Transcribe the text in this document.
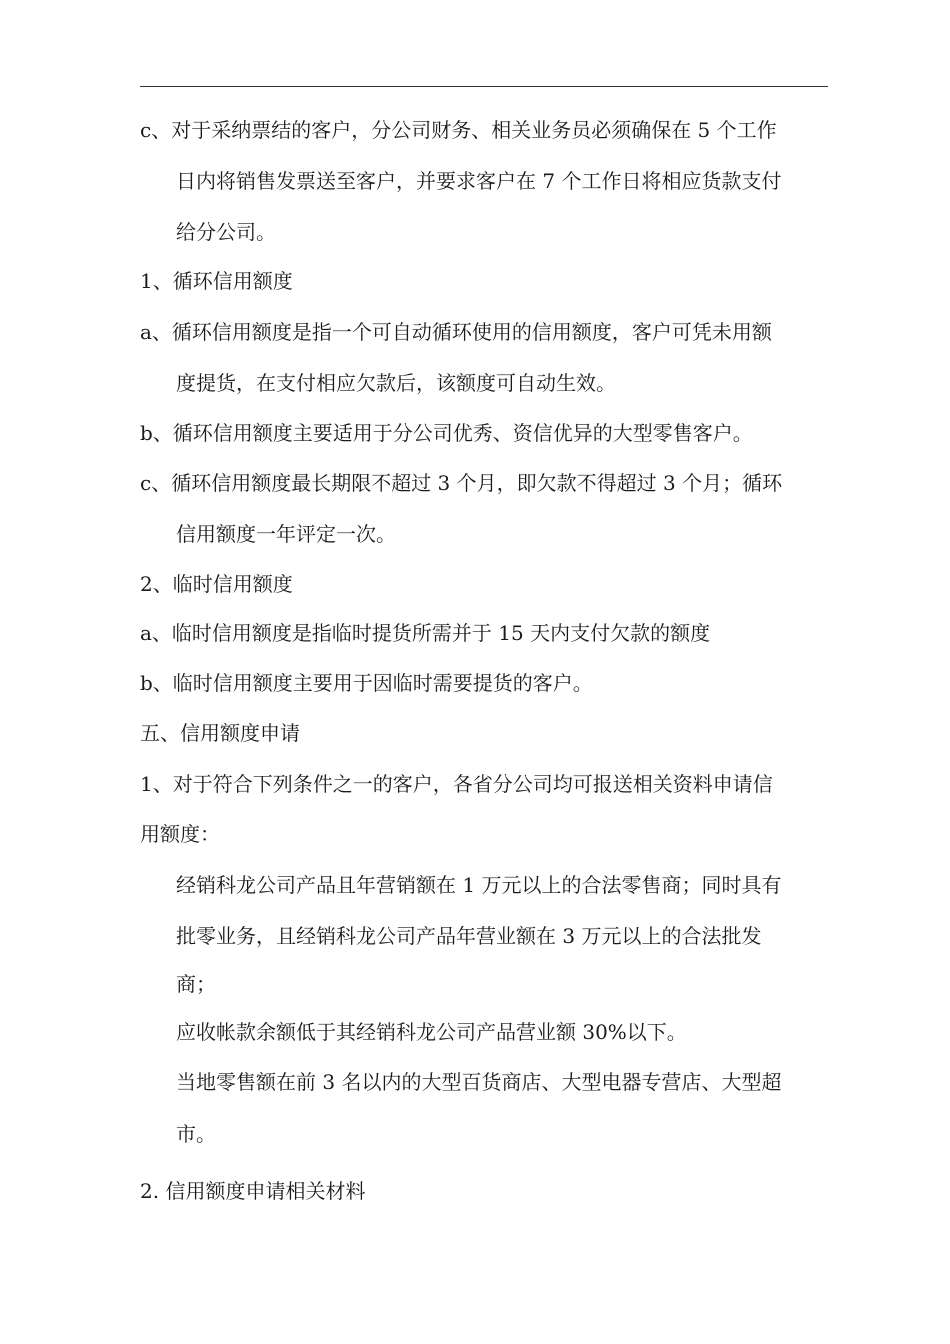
c、对于采纳票结的客户，分公司财务、相关业务员必须确保在 5 个工作
日内将销售发票送至客户，并要求客户在 7 个工作日将相应货款支付
给分公司。
1、循环信用额度
a、循环信用额度是指一个可自动循环使用的信用额度，客户可凭未用额
度提货，在支付相应欠款后，该额度可自动生效。
b、循环信用额度主要适用于分公司优秀、资信优异的大型零售客户。
c、循环信用额度最长期限不超过 3 个月，即欠款不得超过 3 个月；循环
信用额度一年评定一次。
2、临时信用额度
a、临时信用额度是指临时提货所需并于 15 天内支付欠款的额度
b、临时信用额度主要用于因临时需要提货的客户。
五、信用额度申请
1、对于符合下列条件之一的客户，各省分公司均可报送相关资料申请信
用额度：
经销科龙公司产品且年营销额在 1 万元以上的合法零售商；同时具有
批零业务，且经销科龙公司产品年营业额在 3 万元以上的合法批发
商；
应收帐款余额低于其经销科龙公司产品营业额 30%以下。
当地零售额在前 3 名以内的大型百货商店、大型电器专营店、大型超
市。
2. 信用额度申请相关材料
